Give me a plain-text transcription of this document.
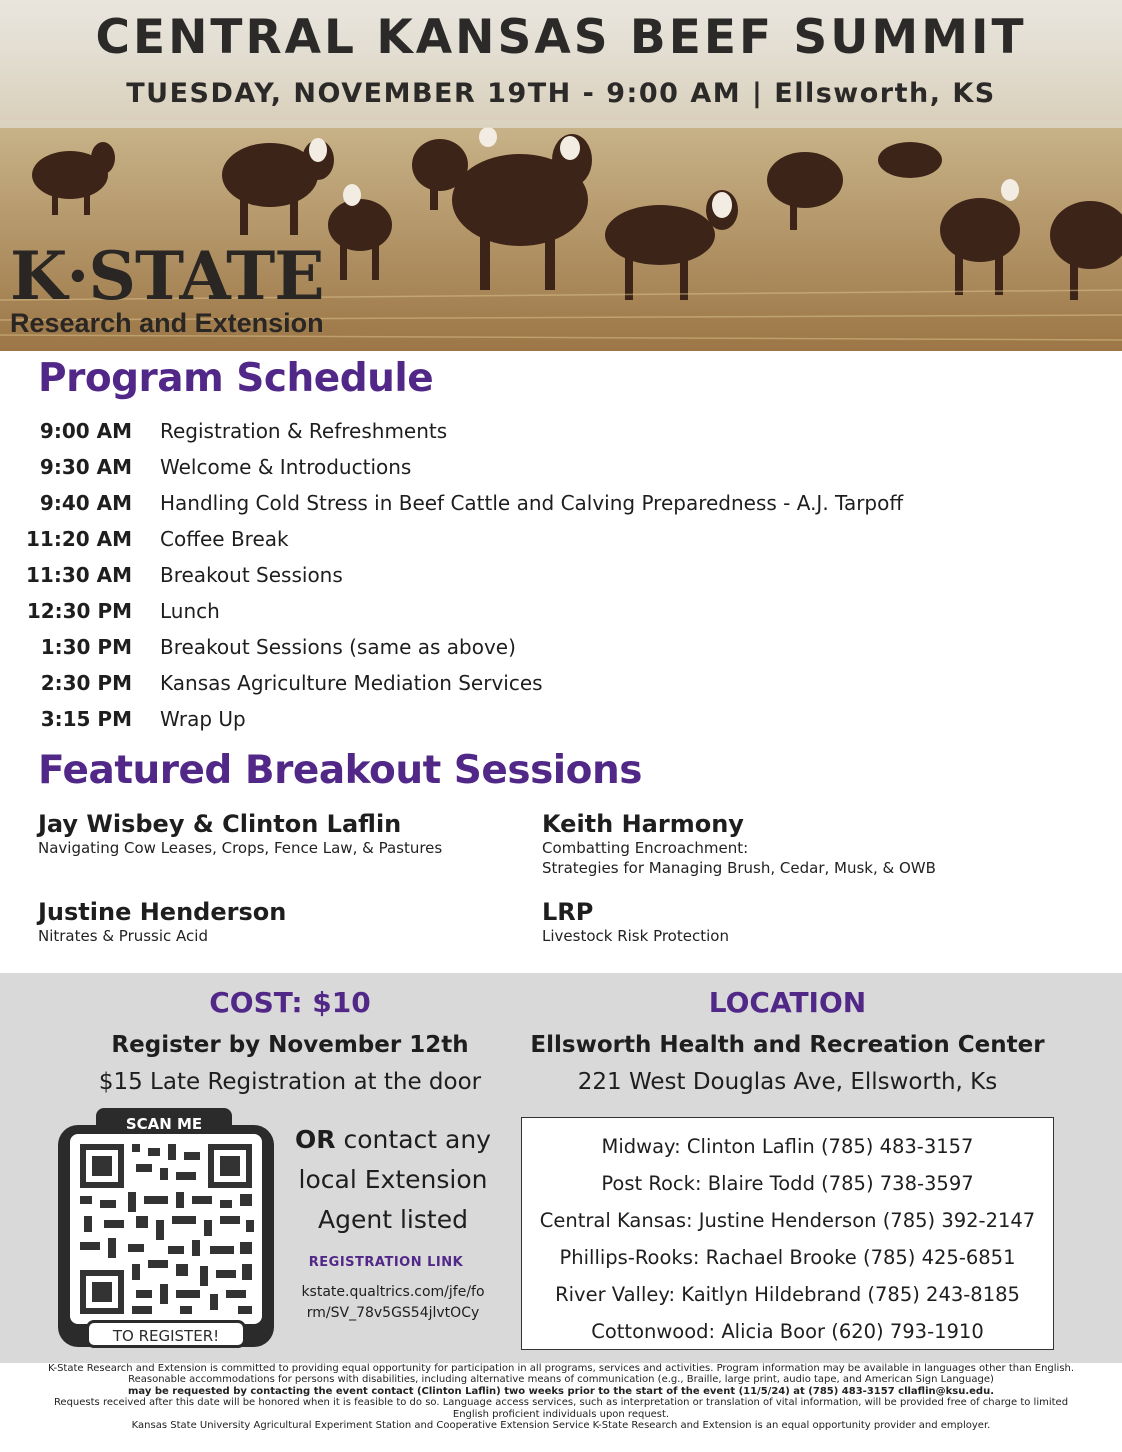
CENTRAL KANSAS BEEF SUMMIT
TUESDAY, NOVEMBER 19TH - 9:00 AM | Ellsworth, KS
K·STATE
Research and Extension
Program Schedule
9:00 AM Registration & Refreshments
9:30 AM Welcome & Introductions
9:40 AM Handling Cold Stress in Beef Cattle and Calving Preparedness - A.J. Tarpoff
11:20 AM Coffee Break
11:30 AM Breakout Sessions
12:30 PM Lunch
1:30 PM Breakout Sessions (same as above)
2:30 PM Kansas Agriculture Mediation Services
3:15 PM Wrap Up
Featured Breakout Sessions
Jay Wisbey & Clinton Laflin
Navigating Cow Leases, Crops, Fence Law, & Pastures
Keith Harmony
Combatting Encroachment:
Strategies for Managing Brush, Cedar, Musk, & OWB
Justine Henderson
Nitrates & Prussic Acid
LRP
Livestock Risk Protection
COST: $10
Register by November 12th
$15 Late Registration at the door
LOCATION
Ellsworth Health and Recreation Center
221 West Douglas Ave, Ellsworth, Ks
SCAN ME
TO REGISTER!
OR contact any
local Extension
Agent listed
REGISTRATION LINK
kstate.qualtrics.com/jfe/fo
rm/SV_78v5GS54jlvtOCy
Midway: Clinton Laflin (785) 483-3157
Post Rock: Blaire Todd (785) 738-3597
Central Kansas: Justine Henderson (785) 392-2147
Phillips-Rooks: Rachael Brooke (785) 425-6851
River Valley: Kaitlyn Hildebrand (785) 243-8185
Cottonwood: Alicia Boor (620) 793-1910
K-State Research and Extension is committed to providing equal opportunity for participation in all programs, services and activities. Program information may be available in languages other than English.
Reasonable accommodations for persons with disabilities, including alternative means of communication (e.g., Braille, large print, audio tape, and American Sign Language)
may be requested by contacting the event contact (Clinton Laflin) two weeks prior to the start of the event (11/5/24) at (785) 483-3157 cllaflin@ksu.edu.
Requests received after this date will be honored when it is feasible to do so. Language access services, such as interpretation or translation of vital information, will be provided free of charge to limited
English proficient individuals upon request.
Kansas State University Agricultural Experiment Station and Cooperative Extension Service K-State Research and Extension is an equal opportunity provider and employer.
